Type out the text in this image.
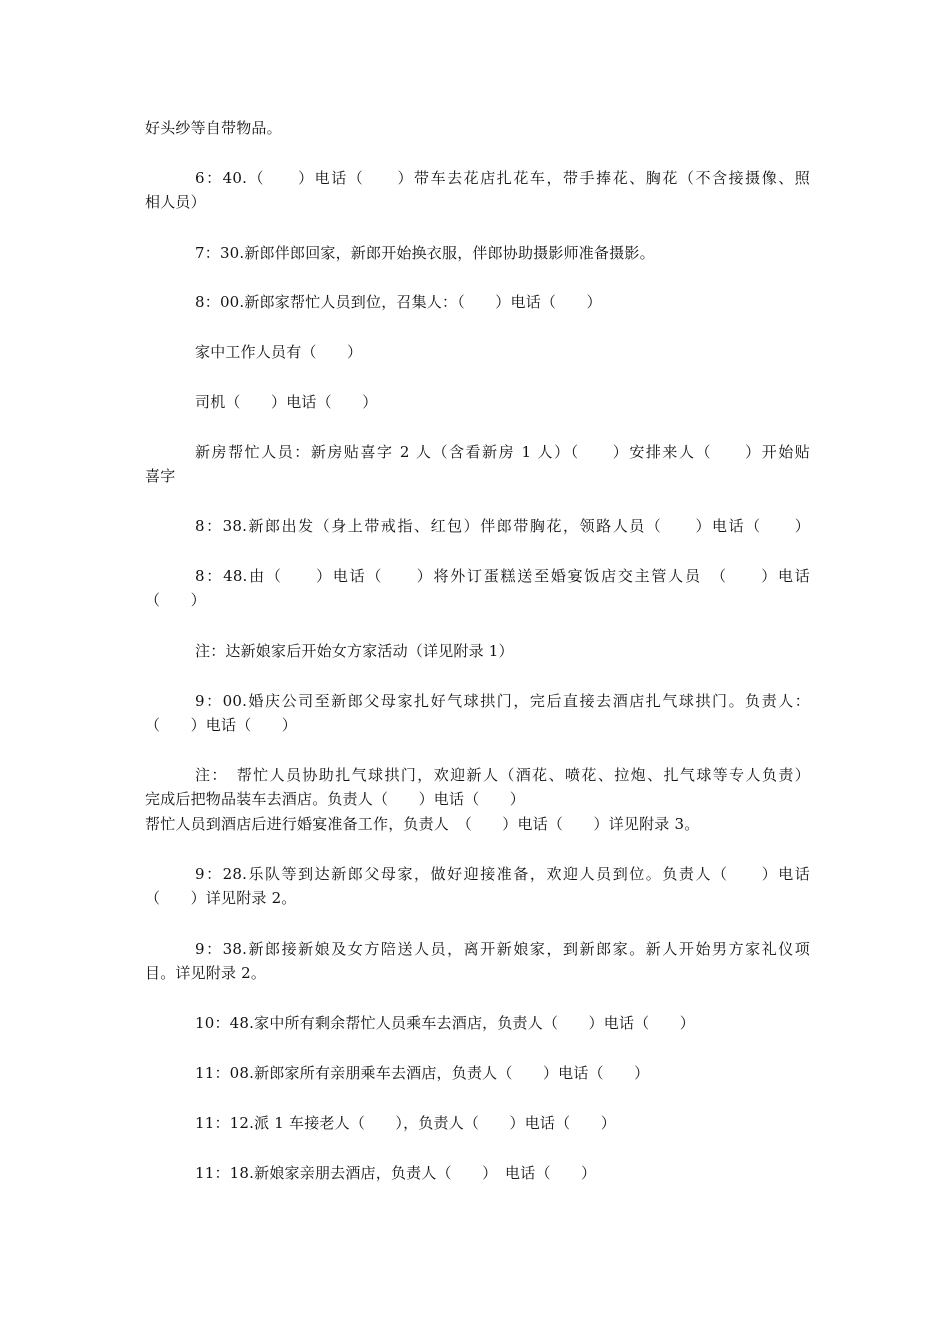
好头纱等自带物品。
6：40.（　　）电话（　　）带车去花店扎花车，带手捧花、胸花（不含接摄像、照
相人员）
7：30.新郎伴郎回家，新郎开始换衣服，伴郎协助摄影师准备摄影。
8：00.新郎家帮忙人员到位，召集人：（　　）电话（　　）
家中工作人员有（　　）
司机（　　）电话（　　）
新房帮忙人员：新房贴喜字 2 人（含看新房 1 人）（　　）安排来人（　　）开始贴
喜字
8：38.新郎出发（身上带戒指、红包）伴郎带胸花，领路人员（　　）电话（　　）
8：48.由（　　）电话（　　）将外订蛋糕送至婚宴饭店交主管人员　（　　）电话
（　　）
注：达新娘家后开始女方家活动（详见附录 1）
9：00.婚庆公司至新郎父母家扎好气球拱门，完后直接去酒店扎气球拱门。负责人：
（　　）电话（　　）
注：　帮忙人员协助扎气球拱门，欢迎新人（酒花、喷花、拉炮、扎气球等专人负责）
完成后把物品装车去酒店。负责人（　　）电话（　　）
帮忙人员到酒店后进行婚宴准备工作，负责人　（　　）电话（　　）详见附录 3。
9：28.乐队等到达新郎父母家，做好迎接准备，欢迎人员到位。负责人（　　）电话
（　　）详见附录 2。
9：38.新郎接新娘及女方陪送人员，离开新娘家，到新郎家。新人开始男方家礼仪项
目。详见附录 2。
10：48.家中所有剩余帮忙人员乘车去酒店，负责人（　　）电话（　　）
11：08.新郎家所有亲朋乘车去酒店，负责人（　　）电话（　　）
11：12.派 1 车接老人（　　），负责人（　　）电话（　　）
11：18.新娘家亲朋去酒店，负责人（　　）　电话（　　）
